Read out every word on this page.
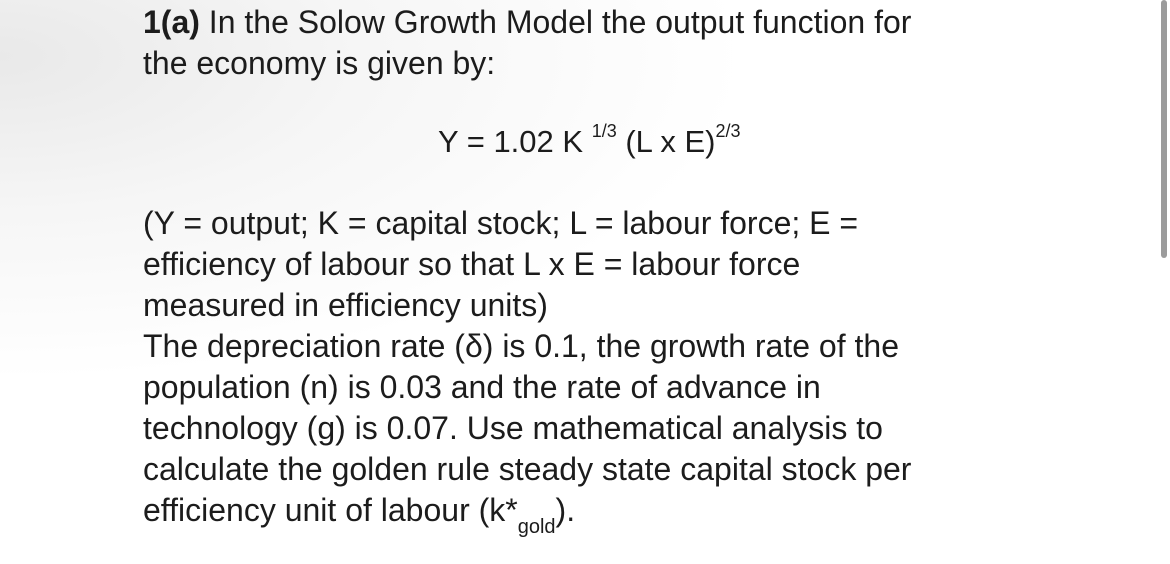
1(a) In the Solow Growth Model the output function for

the economy is given by:

Y = 1.02 K $^{1/3}$ (L x E)$^{2/3}$

(Y = output; K = capital stock; L = labour force; E =

efficiency of labour so that L x E = labour force

measured in efficiency units)

The depreciation rate (δ) is 0.1, the growth rate of the

population (n) is 0.03 and the rate of advance in

technology (g) is 0.07. Use mathematical analysis to

calculate the golden rule steady state capital stock per

efficiency unit of labour $(k*_{gold})$.
